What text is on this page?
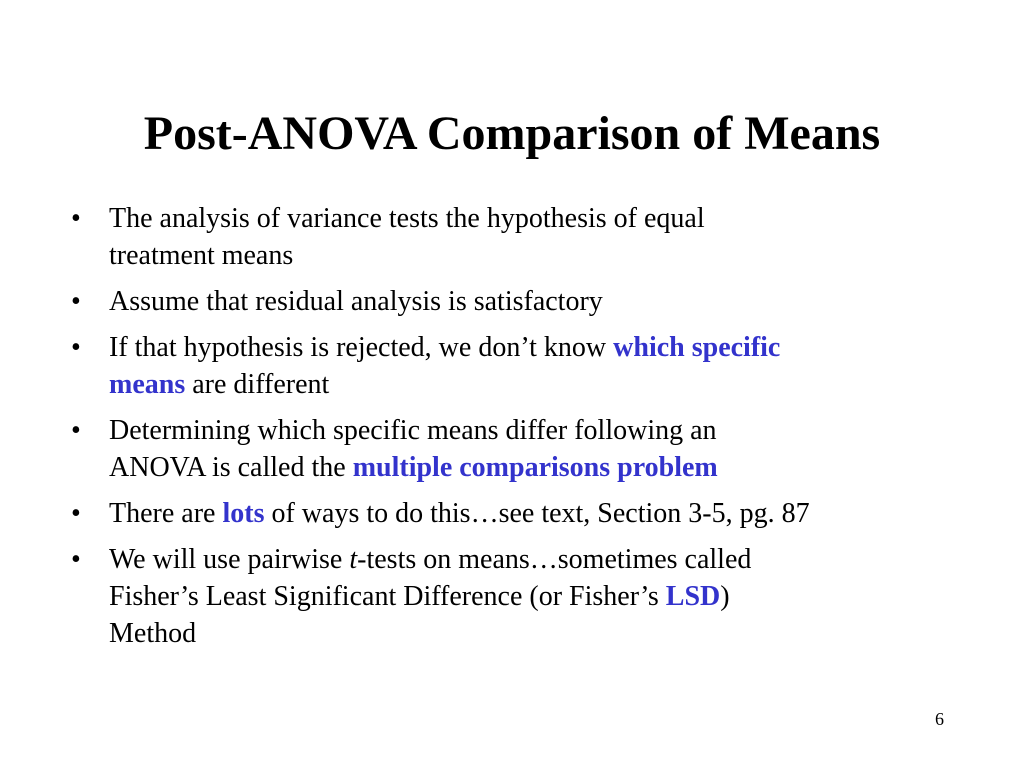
Post-ANOVA Comparison of Means
•	The analysis of variance tests the hypothesis of equal
treatment means
•	Assume that residual analysis is satisfactory
•	If that hypothesis is rejected, we don’t know which specific
means are different
•	Determining which specific means differ following an
ANOVA is called the multiple comparisons problem
•	There are lots of ways to do this…see text, Section 3-5, pg. 87
•	We will use pairwise t-tests on means…sometimes called
Fisher’s Least Significant Difference (or Fisher’s LSD)
Method
6
